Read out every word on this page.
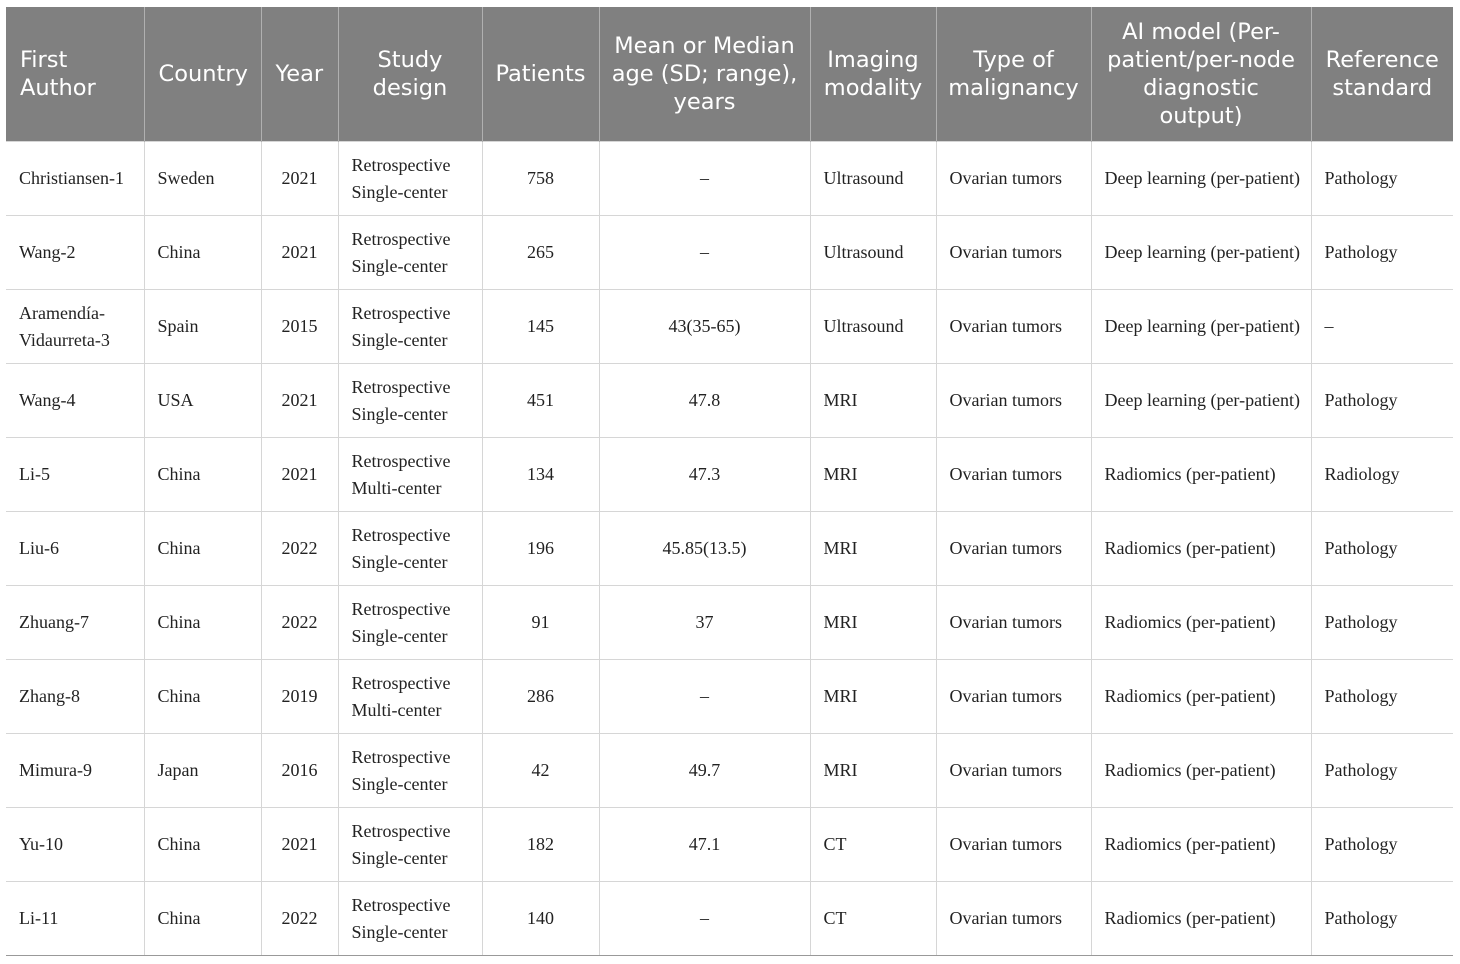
First Author	Country	Year	Study design	Patients	Mean or Median age (SD; range), years	Imaging modality	Type of malignancy	AI model (Per-patient/per-node diagnostic output)	Reference standard
Christiansen-1	Sweden	2021	Retrospective Single-center	758	–	Ultrasound	Ovarian tumors	Deep learning (per-patient)	Pathology
Wang-2	China	2021	Retrospective Single-center	265	–	Ultrasound	Ovarian tumors	Deep learning (per-patient)	Pathology
Aramendía-Vidaurreta-3	Spain	2015	Retrospective Single-center	145	43(35-65)	Ultrasound	Ovarian tumors	Deep learning (per-patient)	–
Wang-4	USA	2021	Retrospective Single-center	451	47.8	MRI	Ovarian tumors	Deep learning (per-patient)	Pathology
Li-5	China	2021	Retrospective Multi-center	134	47.3	MRI	Ovarian tumors	Radiomics (per-patient)	Radiology
Liu-6	China	2022	Retrospective Single-center	196	45.85(13.5)	MRI	Ovarian tumors	Radiomics (per-patient)	Pathology
Zhuang-7	China	2022	Retrospective Single-center	91	37	MRI	Ovarian tumors	Radiomics (per-patient)	Pathology
Zhang-8	China	2019	Retrospective Multi-center	286	–	MRI	Ovarian tumors	Radiomics (per-patient)	Pathology
Mimura-9	Japan	2016	Retrospective Single-center	42	49.7	MRI	Ovarian tumors	Radiomics (per-patient)	Pathology
Yu-10	China	2021	Retrospective Single-center	182	47.1	CT	Ovarian tumors	Radiomics (per-patient)	Pathology
Li-11	China	2022	Retrospective Single-center	140	–	CT	Ovarian tumors	Radiomics (per-patient)	Pathology
